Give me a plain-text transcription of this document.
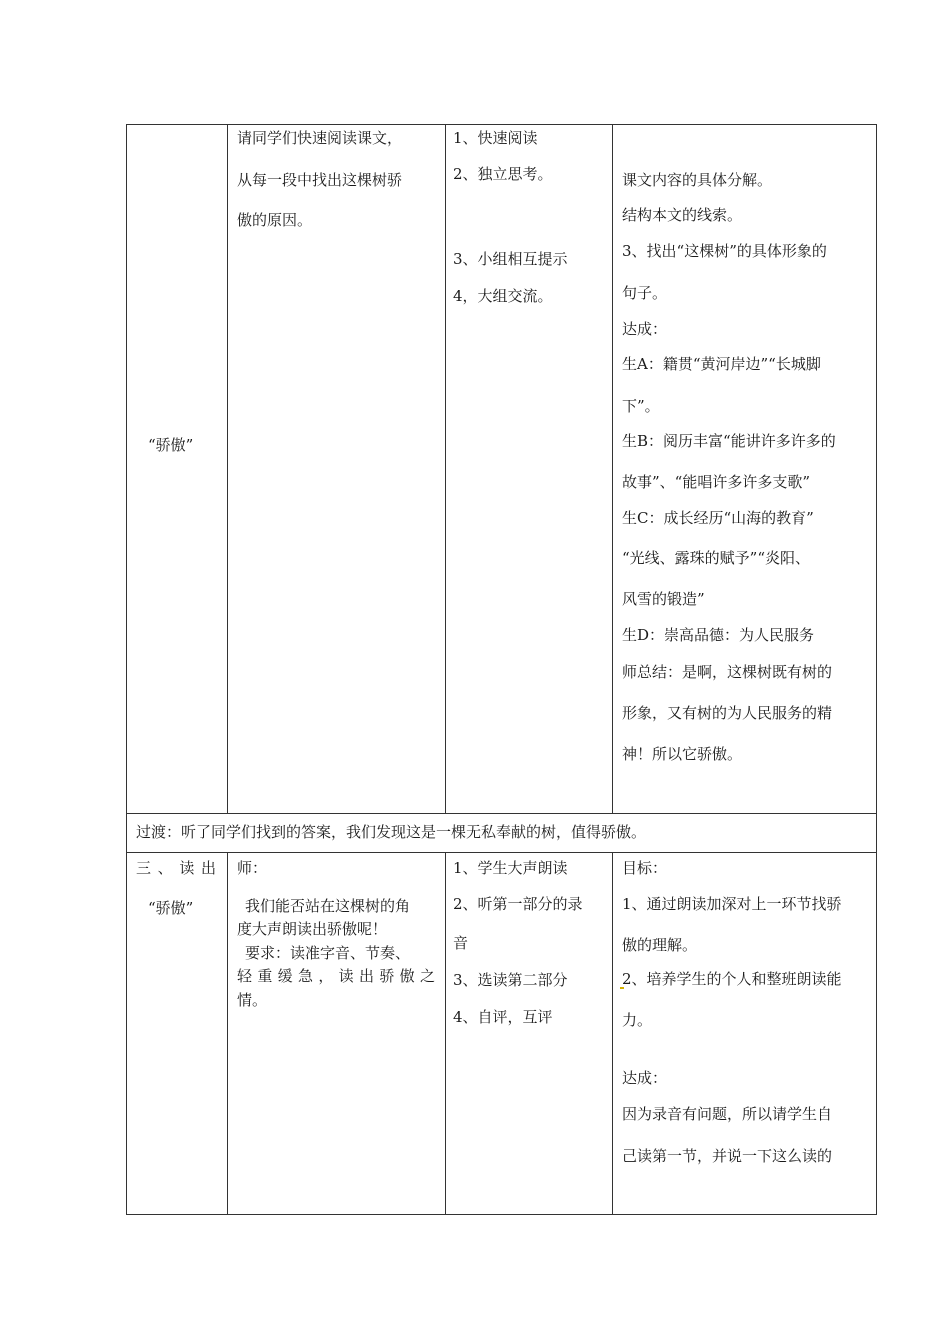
“骄傲”
请同学们快速阅读课文，
从每一段中找出这棵树骄
傲的原因。
1、快速阅读
2、独立思考。
3、小组相互提示
4，大组交流。
课文内容的具体分解。
结构本文的线索。
3、找出“这棵树”的具体形象的
句子。
达成：
生A：籍贯“黄河岸边”“长城脚
下”。
生B：阅历丰富“能讲许多许多的
故事”、“能唱许多许多支歌”
生C：成长经历“山海的教育”
“光线、露珠的赋予”“炎阳、
风雪的锻造”
生D：崇高品德：为人民服务
师总结：是啊，这棵树既有树的
形象，又有树的为人民服务的精
神！所以它骄傲。
过渡：听了同学们找到的答案，我们发现这是一棵无私奉献的树，值得骄傲。
三、读出
“骄傲”
师：
我们能否站在这棵树的角
度大声朗读出骄傲呢！
要求：读准字音、节奏、
轻重缓急，读出骄傲之
情。
1、学生大声朗读
2、听第一部分的录
音
3、选读第二部分
4、自评，互评
目标：
1、通过朗读加深对上一环节找骄
傲的理解。
2、培养学生的个人和整班朗读能
力。
达成：
因为录音有问题，所以请学生自
己读第一节，并说一下这么读的
